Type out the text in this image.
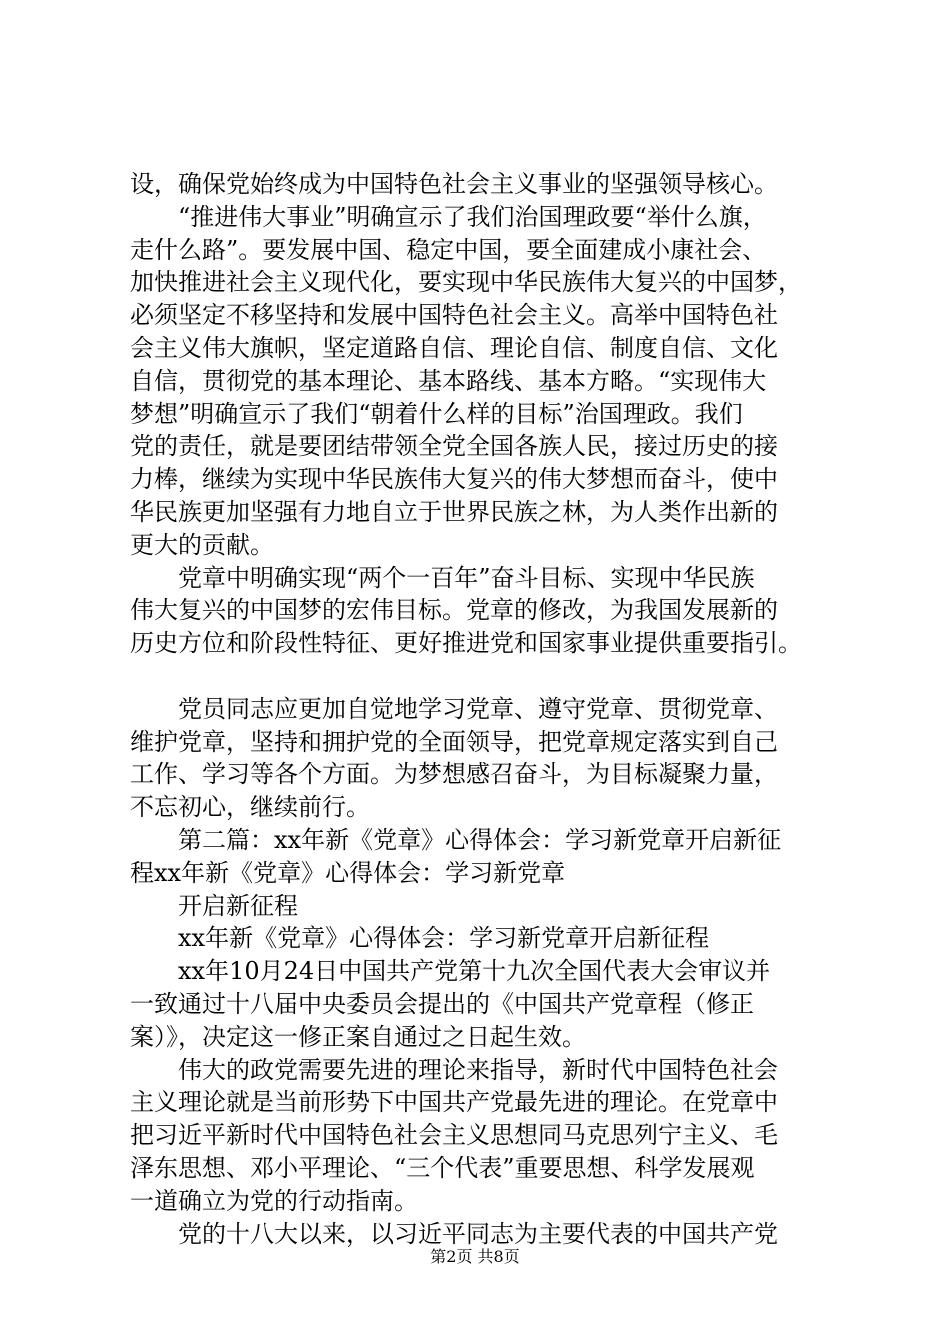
设，确保党始终成为中国特色社会主义事业的坚强领导核心。
“推进伟大事业”明确宣示了我们治国理政要“举什么旗，
走什么路”。要发展中国、稳定中国，要全面建成小康社会、
加快推进社会主义现代化，要实现中华民族伟大复兴的中国梦，
必须坚定不移坚持和发展中国特色社会主义。高举中国特色社
会主义伟大旗帜，坚定道路自信、理论自信、制度自信、文化
自信，贯彻党的基本理论、基本路线、基本方略。“实现伟大
梦想”明确宣示了我们“朝着什么样的目标”治国理政。我们
党的责任，就是要团结带领全党全国各族人民，接过历史的接
力棒，继续为实现中华民族伟大复兴的伟大梦想而奋斗，使中
华民族更加坚强有力地自立于世界民族之林，为人类作出新的
更大的贡献。
党章中明确实现“两个一百年”奋斗目标、实现中华民族
伟大复兴的中国梦的宏伟目标。党章的修改，为我国发展新的
历史方位和阶段性特征、更好推进党和国家事业提供重要指引。
党员同志应更加自觉地学习党章、遵守党章、贯彻党章、
维护党章，坚持和拥护党的全面领导，把党章规定落实到自己
工作、学习等各个方面。为梦想感召奋斗，为目标凝聚力量，
不忘初心，继续前行。
第二篇：xx年新《党章》心得体会：学习新党章开启新征
程xx年新《党章》心得体会：学习新党章
开启新征程
xx年新《党章》心得体会：学习新党章开启新征程
xx年10月24日中国共产党第十九次全国代表大会审议并
一致通过十八届中央委员会提出的《中国共产党章程（修正
案）》，决定这一修正案自通过之日起生效。
伟大的政党需要先进的理论来指导，新时代中国特色社会
主义理论就是当前形势下中国共产党最先进的理论。在党章中
把习近平新时代中国特色社会主义思想同马克思列宁主义、毛
泽东思想、邓小平理论、“三个代表”重要思想、科学发展观
一道确立为党的行动指南。
党的十八大以来，以习近平同志为主要代表的中国共产党
第2页 共8页
